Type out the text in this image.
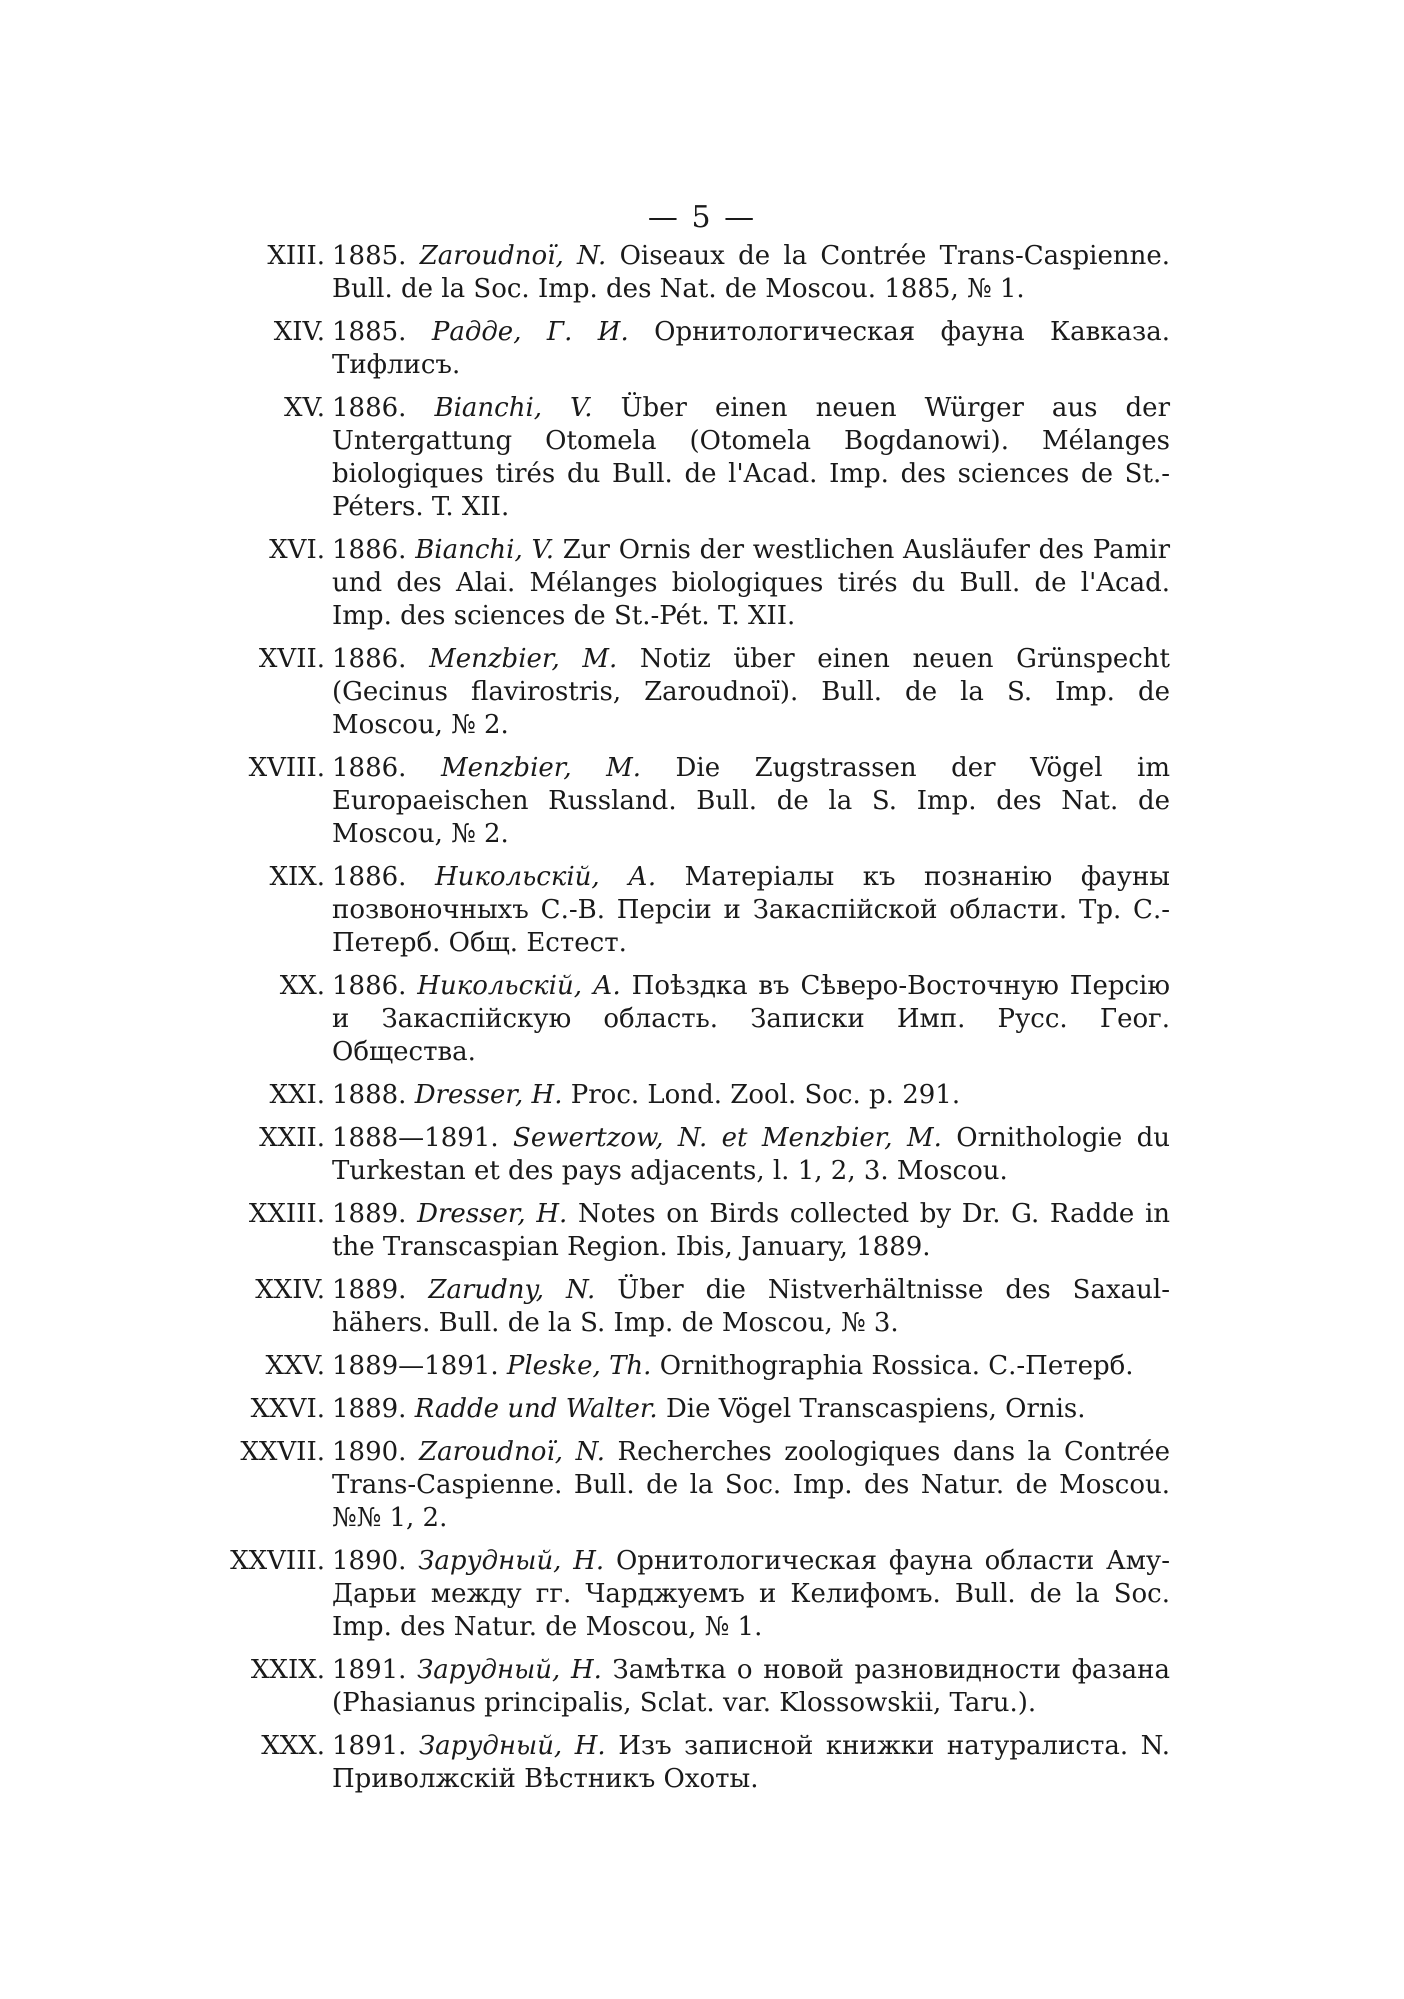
— 5 —
XIII. 1885. Zaroudnoï, N. Oiseaux de la Contrée Trans-Caspienne. Bull. de la Soc. Imp. des Nat. de Moscou. 1885, № 1.
XIV. 1885. Радде, Г. И. Орнитологическая фауна Кавказа. Тифлисъ.
XV. 1886. Bianchi, V. Über einen neuen Würger aus der Untergattung Otomela (Otomela Bogdanowi). Mélanges biologiques tirés du Bull. de l'Acad. Imp. des sciences de St.-Péters. T. XII.
XVI. 1886. Bianchi, V. Zur Ornis der westlichen Ausläufer des Pamir und des Alai. Mélanges biologiques tirés du Bull. de l'Acad. Imp. des sciences de St.-Pét. T. XII.
XVII. 1886. Menzbier, M. Notiz über einen neuen Grünspecht (Gecinus flavirostris, Zaroudnoï). Bull. de la S. Imp. de Moscou, № 2.
XVIII. 1886. Menzbier, M. Die Zugstrassen der Vögel im Europaeischen Russland. Bull. de la S. Imp. des Nat. de Moscou, № 2.
XIX. 1886. Никольскій, А. Матеріалы къ познанію фауны позвоночныхъ С.-В. Персіи и Закаспійской области. Тр. С.-Петерб. Общ. Естест.
XX. 1886. Никольскій, А. Поѣздка въ Сѣверо-Восточную Персію и Закаспійскую область. Записки Имп. Русс. Геог. Общества.
XXI. 1888. Dresser, H. Proc. Lond. Zool. Soc. p. 291.
XXII. 1888—1891. Sewertzow, N. et Menzbier, M. Ornithologie du Turkestan et des pays adjacents, l. 1, 2, 3. Moscou.
XXIII. 1889. Dresser, H. Notes on Birds collected by Dr. G. Radde in the Transcaspian Region. Ibis, January, 1889.
XXIV. 1889. Zarudny, N. Über die Nistverhältnisse des Saxaul-hähers. Bull. de la S. Imp. de Moscou, № 3.
XXV. 1889—1891. Pleske, Th. Ornithographia Rossica. С.-Петерб.
XXVI. 1889. Radde und Walter. Die Vögel Transcaspiens, Ornis.
XXVII. 1890. Zaroudnoï, N. Recherches zoologiques dans la Contrée Trans-Caspienne. Bull. de la Soc. Imp. des Natur. de Moscou. №№ 1, 2.
XXVIII. 1890. Зарудный, Н. Орнитологическая фауна области Аму-Дарьи между гг. Чарджуемъ и Келифомъ. Bull. de la Soc. Imp. des Natur. de Moscou, № 1.
XXIX. 1891. Зарудный, Н. Замѣтка о новой разновидности фазана (Phasianus principalis, Sclat. var. Klossowskii, Taru.).
XXX. 1891. Зарудный, Н. Изъ записной книжки натуралиста. N. Приволжскій Вѣстникъ Охоты.
